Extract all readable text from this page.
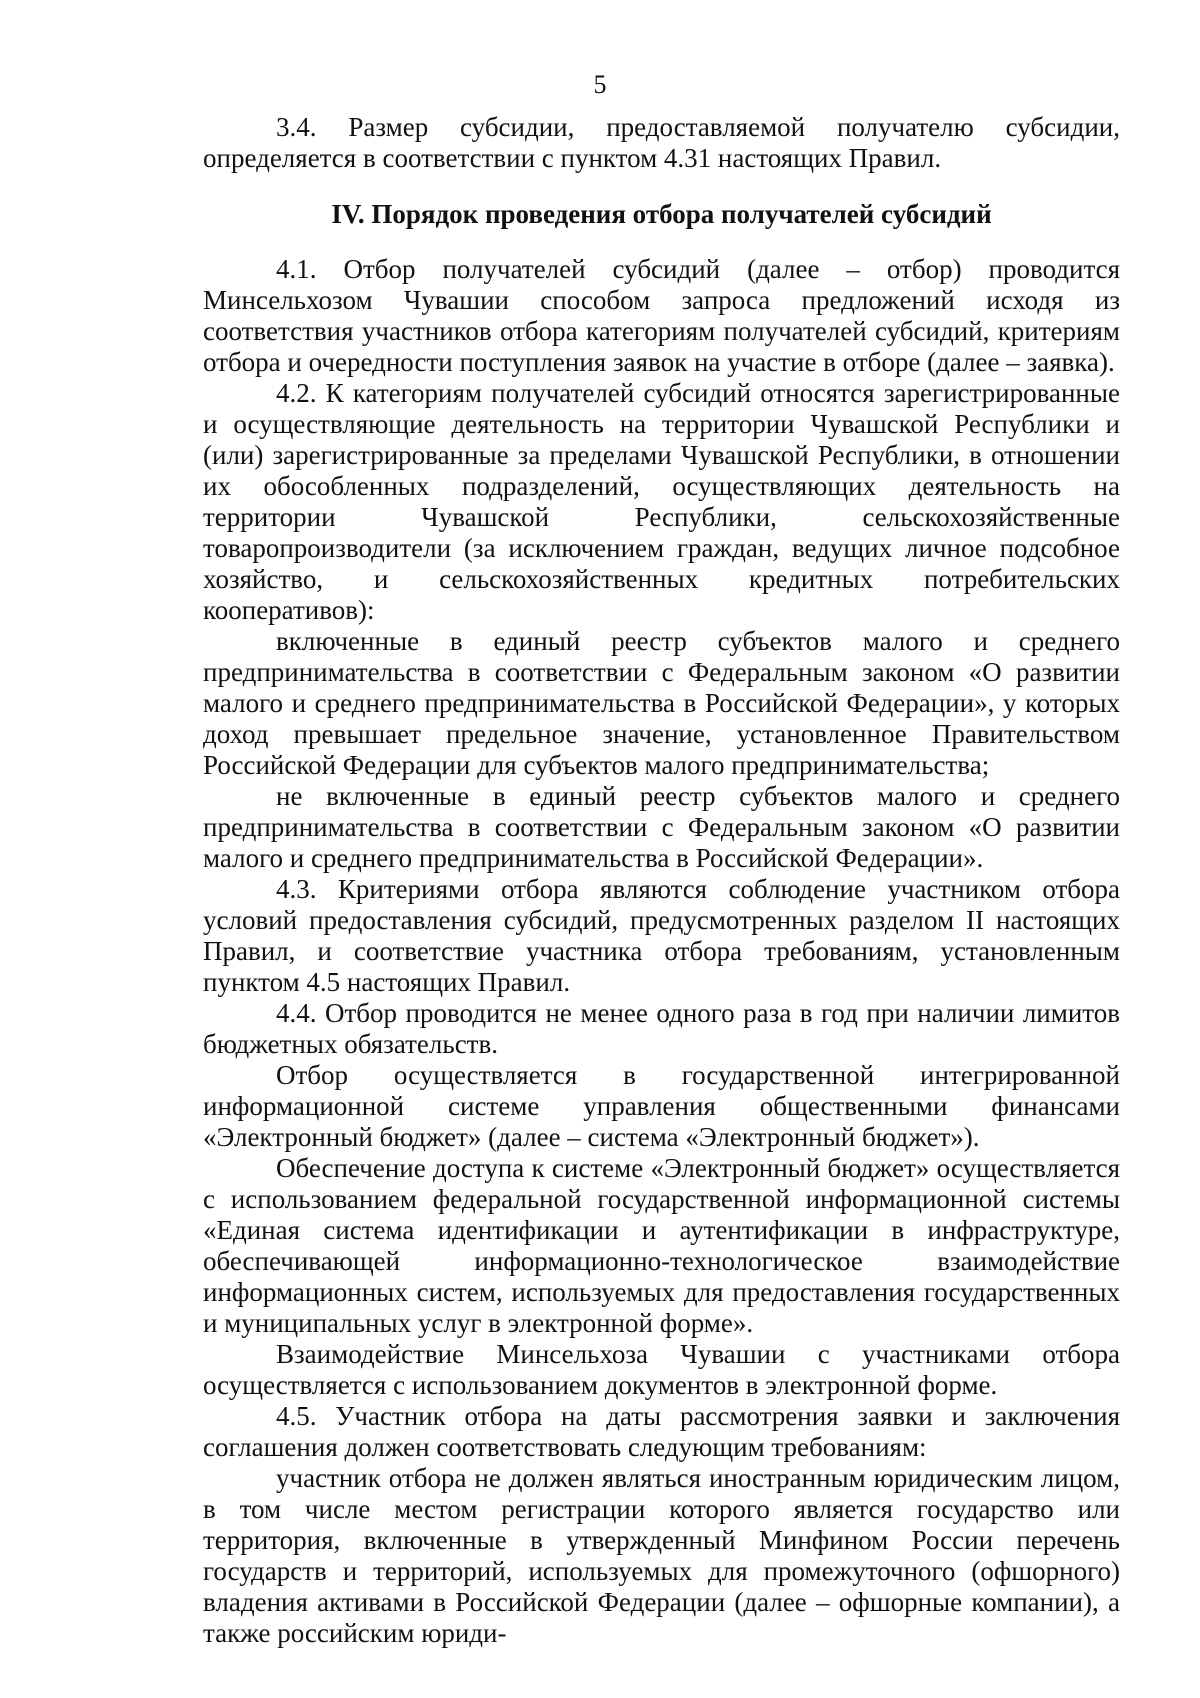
5

3.4. Размер субсидии, предоставляемой получателю субсидии, определяется в соответствии с пунктом 4.31 настоящих Правил.

IV. Порядок проведения отбора получателей субсидий

4.1. Отбор получателей субсидий (далее – отбор) проводится Минсельхозом Чувашии способом запроса предложений исходя из соответствия участников отбора категориям получателей субсидий, критериям отбора и очередности поступления заявок на участие в отборе (далее – заявка).

4.2. К категориям получателей субсидий относятся зарегистрированные и осуществляющие деятельность на территории Чувашской Республики и (или) зарегистрированные за пределами Чувашской Республики, в отношении их обособленных подразделений, осуществляющих деятельность на территории Чувашской Республики, сельскохозяйственные товаропроизводители (за исключением граждан, ведущих личное подсобное хозяйство, и сельскохозяйственных кредитных потребительских кооперативов):

включенные в единый реестр субъектов малого и среднего предпринимательства в соответствии с Федеральным законом «О развитии малого и среднего предпринимательства в Российской Федерации», у которых доход превышает предельное значение, установленное Правительством Российской Федерации для субъектов малого предпринимательства;

не включенные в единый реестр субъектов малого и среднего предпринимательства в соответствии с Федеральным законом «О развитии малого и среднего предпринимательства в Российской Федерации».

4.3. Критериями отбора являются соблюдение участником отбора условий предоставления субсидий, предусмотренных разделом II настоящих Правил, и соответствие участника отбора требованиям, установленным пунктом 4.5 настоящих Правил.

4.4. Отбор проводится не менее одного раза в год при наличии лимитов бюджетных обязательств.

Отбор осуществляется в государственной интегрированной информационной системе управления общественными финансами «Электронный бюджет» (далее – система «Электронный бюджет»).

Обеспечение доступа к системе «Электронный бюджет» осуществляется с использованием федеральной государственной информационной системы «Единая система идентификации и аутентификации в инфраструктуре, обеспечивающей информационно-технологическое взаимодействие информационных систем, используемых для предоставления государственных и муниципальных услуг в электронной форме».

Взаимодействие Минсельхоза Чувашии с участниками отбора осуществляется с использованием документов в электронной форме.

4.5. Участник отбора на даты рассмотрения заявки и заключения соглашения должен соответствовать следующим требованиям:

участник отбора не должен являться иностранным юридическим лицом, в том числе местом регистрации которого является государство или территория, включенные в утвержденный Минфином России перечень государств и территорий, используемых для промежуточного (офшорного) владения активами в Российской Федерации (далее – офшорные компании), а также российским юриди-
